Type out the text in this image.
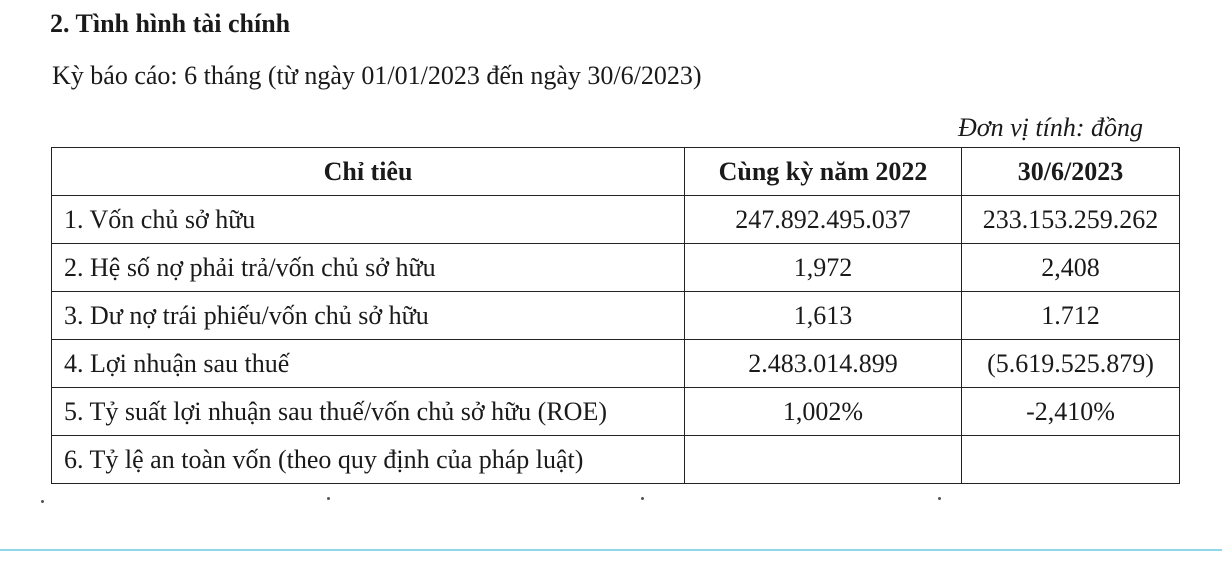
2. Tình hình tài chính
Kỳ báo cáo: 6 tháng (từ ngày 01/01/2023 đến ngày 30/6/2023)
Đơn vị tính: đồng
Chỉ tiêu	Cùng kỳ năm 2022	30/6/2023
1. Vốn chủ sở hữu	247.892.495.037	233.153.259.262
2. Hệ số nợ phải trả/vốn chủ sở hữu	1,972	2,408
3. Dư nợ trái phiếu/vốn chủ sở hữu	1,613	1.712
4. Lợi nhuận sau thuế	2.483.014.899	(5.619.525.879)
5. Tỷ suất lợi nhuận sau thuế/vốn chủ sở hữu (ROE)	1,002%	-2,410%
6. Tỷ lệ an toàn vốn (theo quy định của pháp luật)		
